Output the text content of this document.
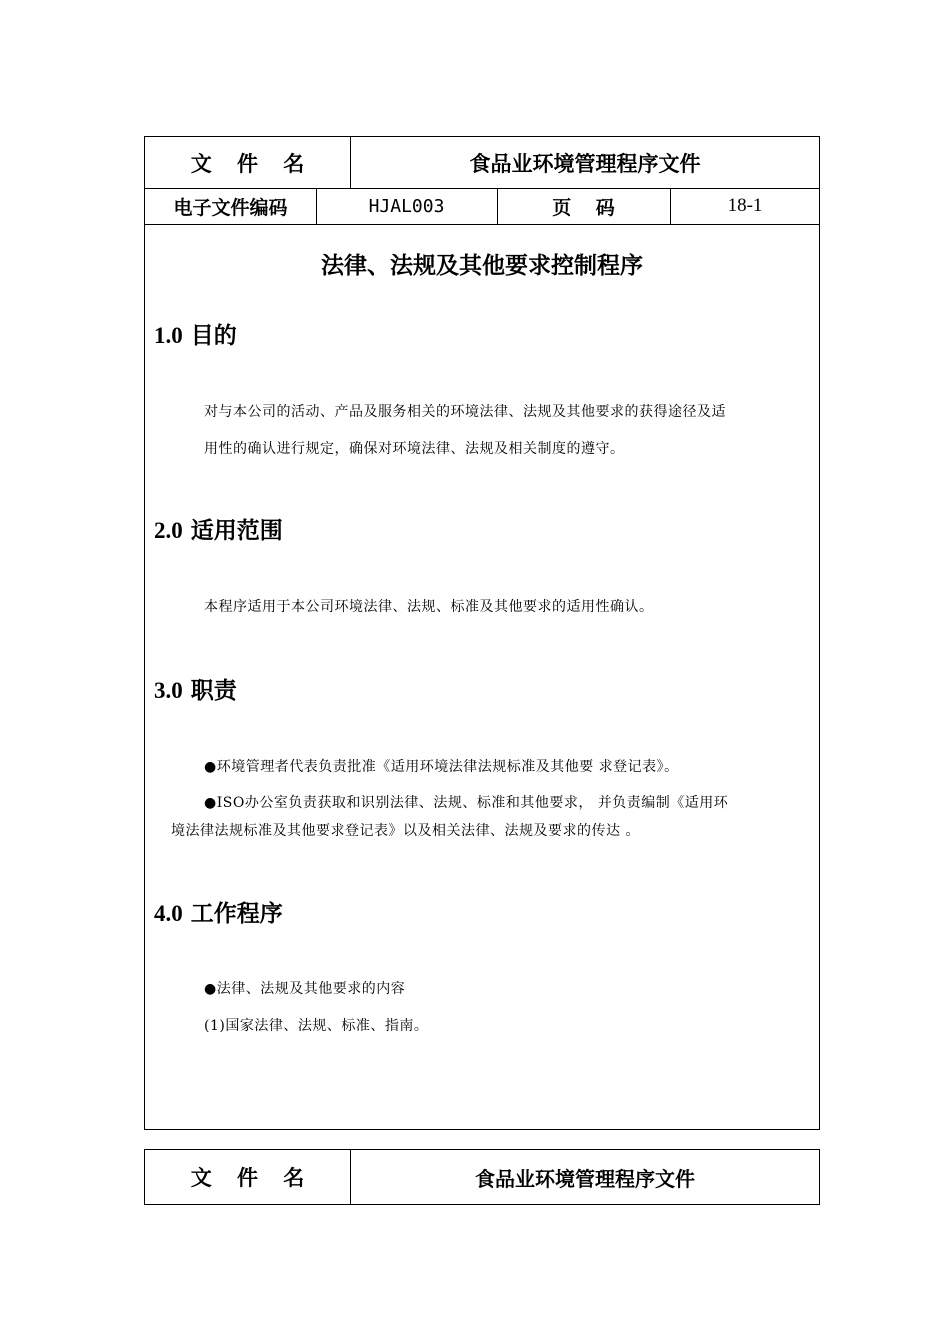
文 件 名	食品业环境管理程序文件
电子文件编码	HJAL003	页 码	18-1
法律、法规及其他要求控制程序
1.0 目的
对与本公司的活动、产品及服务相关的环境法律、法规及其他要求的获得途径及适
用性的确认进行规定，确保对环境法律、法规及相关制度的遵守。
2.0 适用范围
本程序适用于本公司环境法律、法规、标准及其他要求的适用性确认。
3.0 职责
●环境管理者代表负责批准《适用环境法律法规标准及其他要 求登记表》。
●ISO办公室负责获取和识别法律、法规、标准和其他要求， 并负责编制《适用环
境法律法规标准及其他要求登记表》以及相关法律、法规及要求的传达 。
4.0 工作程序
●法律、法规及其他要求的内容
(1)国家法律、法规、标准、指南。
文 件 名	食品业环境管理程序文件
